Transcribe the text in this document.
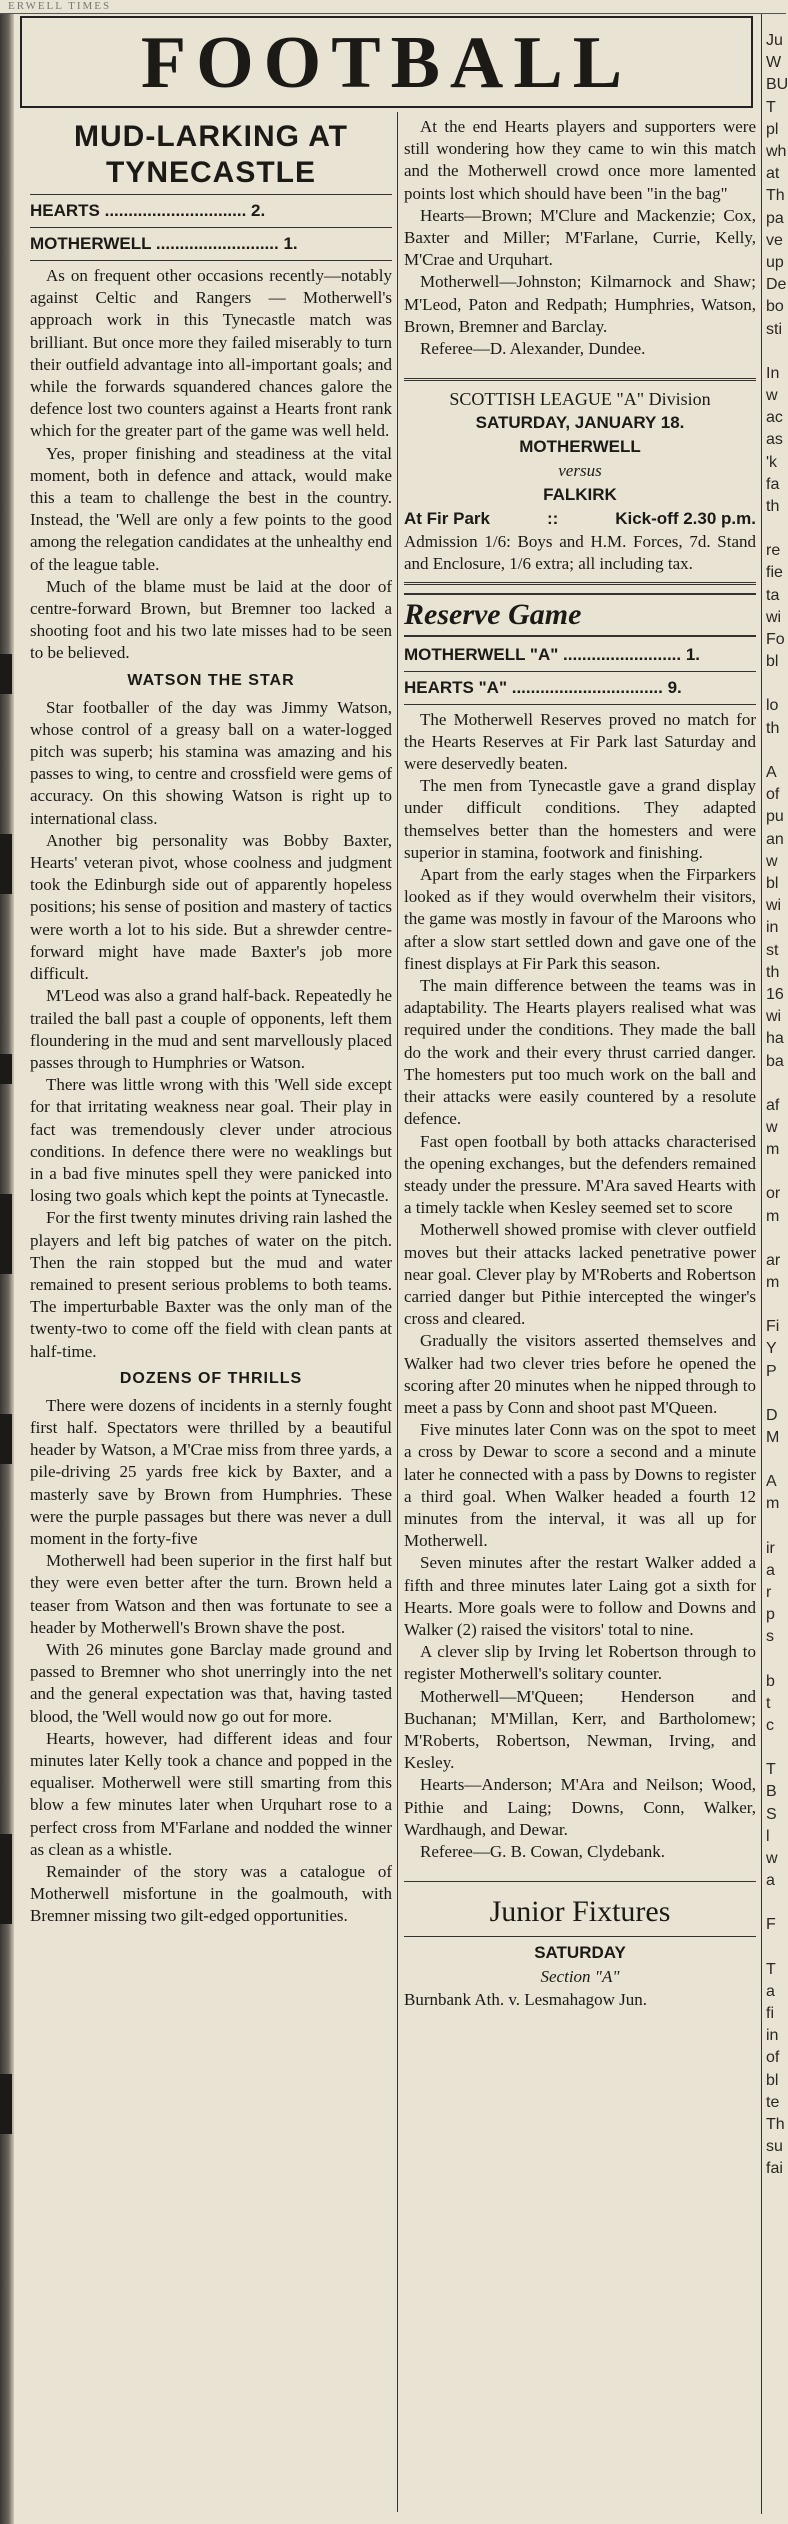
ERWELL TIMES
FOOTBALL
MUD-LARKING AT
TYNECASTLE
HEARTS .............................. 2.
MOTHERWELL .......................... 1.

As on frequent other occasions recently—notably against Celtic and Rangers — Motherwell's approach work in this Tynecastle match was brilliant. But once more they failed miserably to turn their outfield advantage into all-important goals; and while the forwards squandered chances galore the defence lost two counters against a Hearts front rank which for the greater part of the game was well held.

Yes, proper finishing and steadiness at the vital moment, both in defence and attack, would make this a team to challenge the best in the country. Instead, the 'Well are only a few points to the good among the relegation candidates at the unhealthy end of the league table.

Much of the blame must be laid at the door of centre-forward Brown, but Bremner too lacked a shooting foot and his two late misses had to be seen to be believed.

WATSON THE STAR

Star footballer of the day was Jimmy Watson, whose control of a greasy ball on a water-logged pitch was superb; his stamina was amazing and his passes to wing, to centre and crossfield were gems of accuracy. On this showing Watson is right up to international class.

Another big personality was Bobby Baxter, Hearts' veteran pivot, whose coolness and judgment took the Edinburgh side out of apparently hopeless positions; his sense of position and mastery of tactics were worth a lot to his side. But a shrewder centre-forward might have made Baxter's job more difficult.

M'Leod was also a grand half-back. Repeatedly he trailed the ball past a couple of opponents, left them floundering in the mud and sent marvellously placed passes through to Humphries or Watson.

There was little wrong with this 'Well side except for that irritating weakness near goal. Their play in fact was tremendously clever under atrocious conditions. In defence there were no weaklings but in a bad five minutes spell they were panicked into losing two goals which kept the points at Tynecastle.

For the first twenty minutes driving rain lashed the players and left big patches of water on the pitch. Then the rain stopped but the mud and water remained to present serious problems to both teams. The imperturbable Baxter was the only man of the twenty-two to come off the field with clean pants at half-time.

DOZENS OF THRILLS

There were dozens of incidents in a sternly fought first half. Spectators were thrilled by a beautiful header by Watson, a M'Crae miss from three yards, a pile-driving 25 yards free kick by Baxter, and a masterly save by Brown from Humphries. These were the purple passages but there was never a dull moment in the forty-five

Motherwell had been superior in the first half but they were even better after the turn. Brown held a teaser from Watson and then was fortunate to see a header by Motherwell's Brown shave the post.

With 26 minutes gone Barclay made ground and passed to Bremner who shot unerringly into the net and the general expectation was that, having tasted blood, the 'Well would now go out for more.

Hearts, however, had different ideas and four minutes later Kelly took a chance and popped in the equaliser. Motherwell were still smarting from this blow a few minutes later when Urquhart rose to a perfect cross from M'Farlane and nodded the winner as clean as a whistle.

Remainder of the story was a catalogue of Motherwell misfortune in the goalmouth, with Bremner missing two gilt-edged opportunities.

At the end Hearts players and supporters were still wondering how they came to win this match and the Motherwell crowd once more lamented points lost which should have been "in the bag"

Hearts—Brown; M'Clure and Mackenzie; Cox, Baxter and Miller; M'Farlane, Currie, Kelly, M'Crae and Urquhart.

Motherwell—Johnston; Kilmarnock and Shaw; M'Leod, Paton and Redpath; Humphries, Watson, Brown, Bremner and Barclay.

Referee—D. Alexander, Dundee.

SCOTTISH LEAGUE "A" Division
SATURDAY, JANUARY 18.
MOTHERWELL
versus
FALKIRK
At Fir Park	::	Kick-off 2.30 p.m.

Admission 1/6: Boys and H.M. Forces, 7d. Stand and Enclosure, 1/6 extra; all including tax.

Reserve Game
MOTHERWELL "A" ......................... 1.
HEARTS "A" ................................ 9.

The Motherwell Reserves proved no match for the Hearts Reserves at Fir Park last Saturday and were deservedly beaten.

The men from Tynecastle gave a grand display under difficult conditions. They adapted themselves better than the homesters and were superior in stamina, footwork and finishing.

Apart from the early stages when the Firparkers looked as if they would overwhelm their visitors, the game was mostly in favour of the Maroons who after a slow start settled down and gave one of the finest displays at Fir Park this season.

The main difference between the teams was in adaptability. The Hearts players realised what was required under the conditions. They made the ball do the work and their every thrust carried danger. The homesters put too much work on the ball and their attacks were easily countered by a resolute defence.

Fast open football by both attacks characterised the opening exchanges, but the defenders remained steady under the pressure. M'Ara saved Hearts with a timely tackle when Kesley seemed set to score

Motherwell showed promise with clever outfield moves but their attacks lacked penetrative power near goal. Clever play by M'Roberts and Robertson carried danger but Pithie intercepted the winger's cross and cleared.

Gradually the visitors asserted themselves and Walker had two clever tries before he opened the scoring after 20 minutes when he nipped through to meet a pass by Conn and shoot past M'Queen.

Five minutes later Conn was on the spot to meet a cross by Dewar to score a second and a minute later he connected with a pass by Downs to register a third goal. When Walker headed a fourth 12 minutes from the interval, it was all up for Motherwell.

Seven minutes after the restart Walker added a fifth and three minutes later Laing got a sixth for Hearts. More goals were to follow and Downs and Walker (2) raised the visitors' total to nine.

A clever slip by Irving let Robertson through to register Motherwell's solitary counter.

Motherwell—M'Queen; Henderson and Buchanan; M'Millan, Kerr, and Bartholomew; M'Roberts, Robertson, Newman, Irving, and Kesley.

Hearts—Anderson; M'Ara and Neilson; Wood, Pithie and Laing; Downs, Conn, Walker, Wardhaugh, and Dewar.

Referee—G. B. Cowan, Clydebank.

Junior Fixtures
SATURDAY
Section "A"

Burnbank Ath. v. Lesmahagow Jun.

Ju
W
BU
T
pl
wh
at
Th
pa
ve
up
De
bo
sti
In
w
ac
as
'k
fa
th
re
fie
ta
wi
Fo
bl
lo
th
A
of
pu
an
w
bl
wi
in
st
th
16
wi
ha
ba
af
w
m
or
m
ar
m
Fi
Y
P
D
M
A
m
ir
a
r
p
s
b
t
c
T
B
S
l
w
a
F
T
a
fi
in
of
bl
te
Th
su
fai
